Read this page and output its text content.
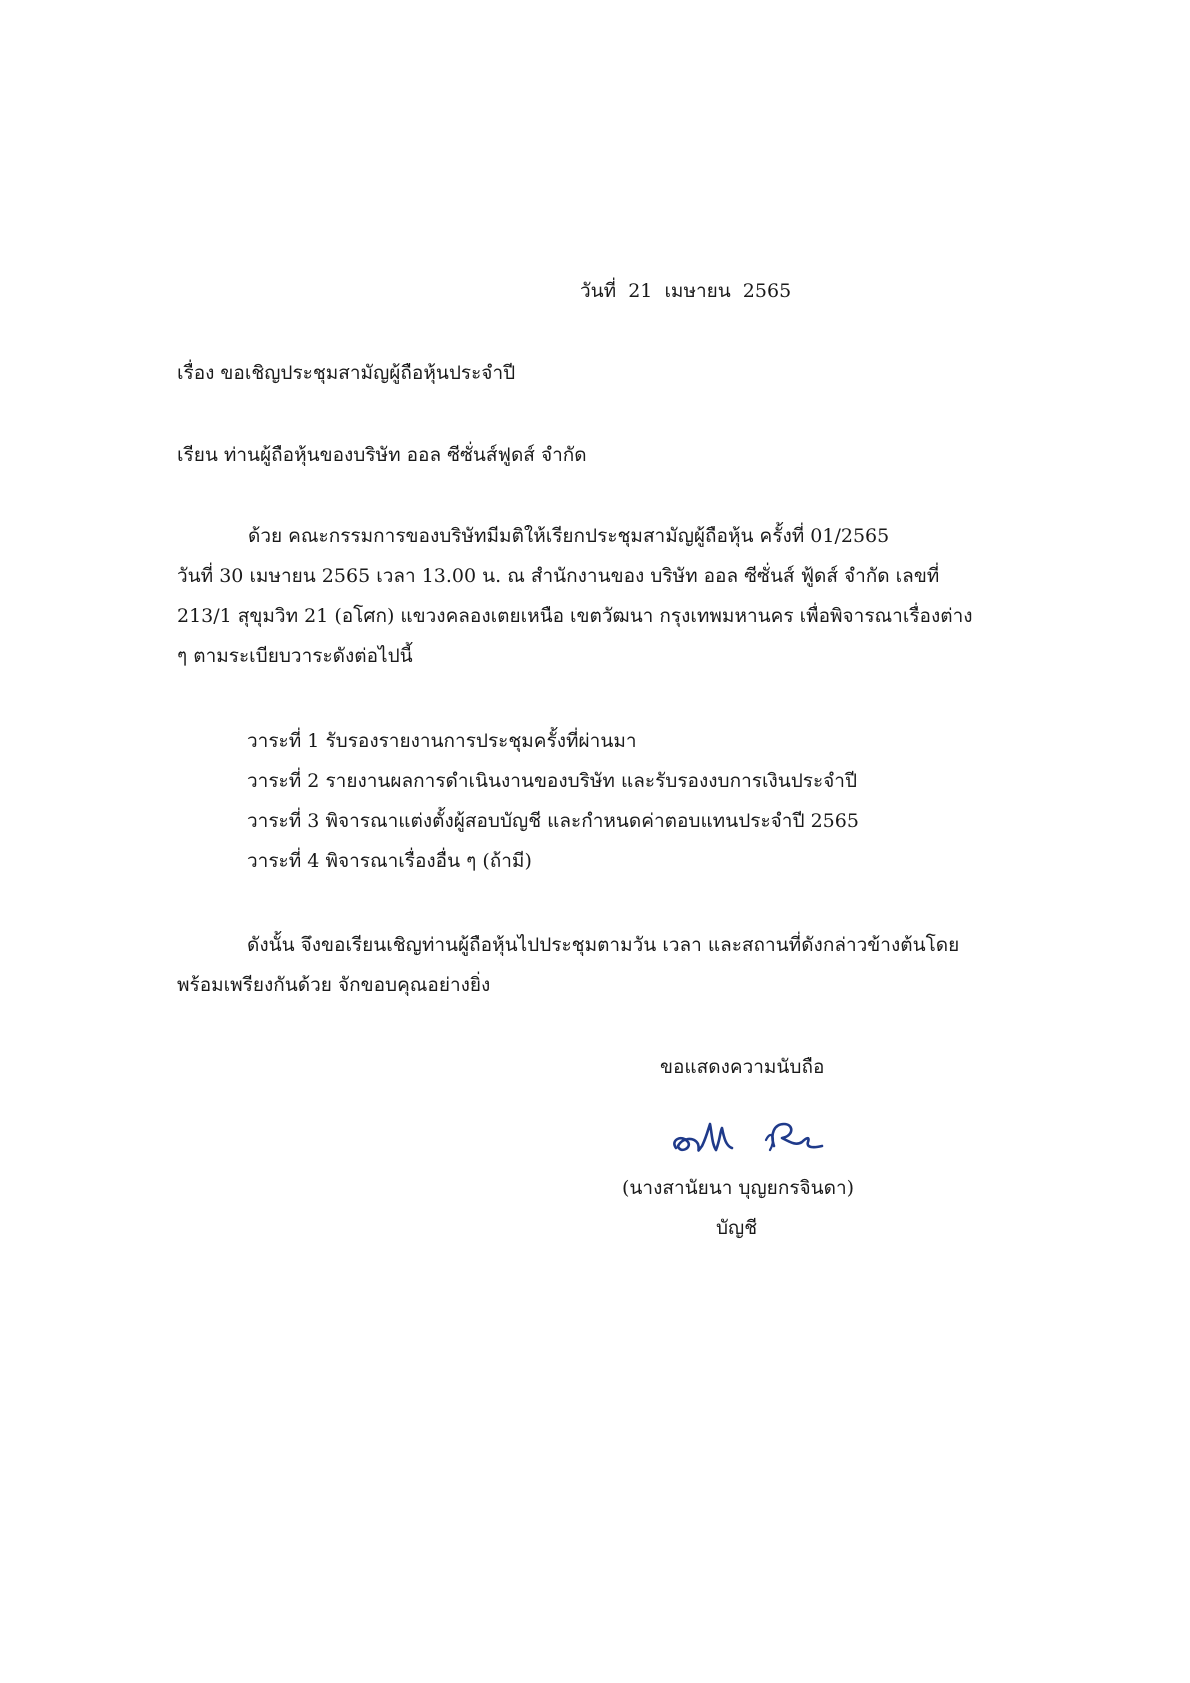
วันที่ 21 เมษายน 2565
เรื่อง ขอเชิญประชุมสามัญผู้ถือหุ้นประจำปี
เรียน ท่านผู้ถือหุ้นของบริษัท ออล ซีซั่นส์ฟูดส์ จำกัด
ด้วย คณะกรรมการของบริษัทมีมติให้เรียกประชุมสามัญผู้ถือหุ้น ครั้งที่ 01/2565
วันที่ 30 เมษายน 2565 เวลา 13.00 น. ณ สำนักงานของ บริษัท ออล ซีซั่นส์ ฟู้ดส์ จำกัด เลขที่
213/1 สุขุมวิท 21 (อโศก) แขวงคลองเตยเหนือ เขตวัฒนา กรุงเทพมหานคร เพื่อพิจารณาเรื่องต่าง
ๆ ตามระเบียบวาระดังต่อไปนี้
วาระที่ 1 รับรองรายงานการประชุมครั้งที่ผ่านมา
วาระที่ 2 รายงานผลการดำเนินงานของบริษัท และรับรองงบการเงินประจำปี
วาระที่ 3 พิจารณาแต่งตั้งผู้สอบบัญชี และกำหนดค่าตอบแทนประจำปี 2565
วาระที่ 4 พิจารณาเรื่องอื่น ๆ (ถ้ามี)
ดังนั้น จึงขอเรียนเชิญท่านผู้ถือหุ้นไปประชุมตามวัน เวลา และสถานที่ดังกล่าวข้างต้นโดย
พร้อมเพรียงกันด้วย จักขอบคุณอย่างยิ่ง
ขอแสดงความนับถือ
(นางสานัยนา บุญยกรจินดา)
บัญชี
